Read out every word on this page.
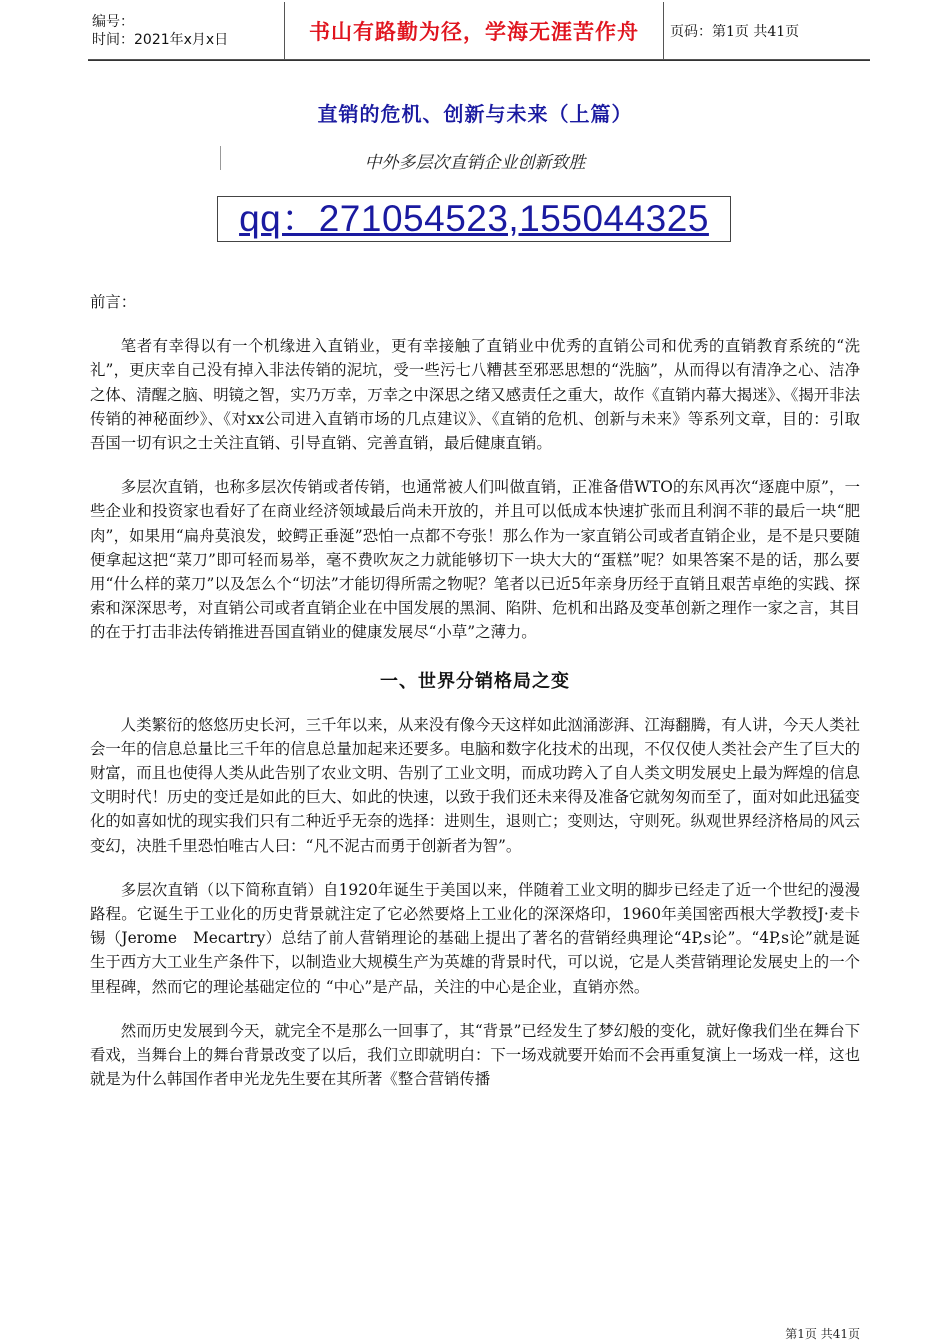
编号：
时间：2021年x月x日	书山有路勤为径，学海无涯苦作舟	页码：第1页 共41页
直销的危机、创新与未来（上篇）
中外多层次直销企业创新致胜
qq：271054523,155044325

前言：

笔者有幸得以有一个机缘进入直销业，更有幸接触了直销业中优秀的直销公司和优秀的直销教育系统的“洗礼”，更庆幸自己没有掉入非法传销的泥坑，受一些污七八糟甚至邪恶思想的“洗脑”，从而得以有清净之心、洁净之体、清醒之脑、明镜之智，实乃万幸，万幸之中深思之绪又感责任之重大，故作《直销内幕大揭迷》、《揭开非法传销的神秘面纱》、《对xx公司进入直销市场的几点建议》、《直销的危机、创新与未来》等系列文章，目的：引取吾国一切有识之士关注直销、引导直销、完善直销，最后健康直销。

多层次直销，也称多层次传销或者传销，也通常被人们叫做直销，正准备借WTO的东风再次“逐鹿中原”，一些企业和投资家也看好了在商业经济领域最后尚未开放的，并且可以低成本快速扩张而且利润不菲的最后一块“肥肉”，如果用“扁舟莫浪发，蛟鳄正垂涎”恐怕一点都不夸张！那么作为一家直销公司或者直销企业，是不是只要随便拿起这把“菜刀”即可轻而易举，毫不费吹灰之力就能够切下一块大大的“蛋糕”呢？如果答案不是的话，那么要用“什么样的菜刀”以及怎么个“切法”才能切得所需之物呢？笔者以已近5年亲身历经于直销且艰苦卓绝的实践、探索和深深思考，对直销公司或者直销企业在中国发展的黑洞、陷阱、危机和出路及变革创新之理作一家之言，其目的在于打击非法传销推进吾国直销业的健康发展尽“小草”之薄力。

一、世界分销格局之变

人类繁衍的悠悠历史长河，三千年以来，从来没有像今天这样如此汹涌澎湃、江海翻腾，有人讲，今天人类社会一年的信息总量比三千年的信息总量加起来还要多。电脑和数字化技术的出现，不仅仅使人类社会产生了巨大的财富，而且也使得人类从此告别了农业文明、告别了工业文明，而成功跨入了自人类文明发展史上最为辉煌的信息文明时代！历史的变迁是如此的巨大、如此的快速，以致于我们还未来得及准备它就匆匆而至了，面对如此迅猛变化的如喜如忧的现实我们只有二种近乎无奈的选择：进则生，退则亡；变则达，守则死。纵观世界经济格局的风云变幻，决胜千里恐怕唯古人曰：“凡不泥古而勇于创新者为智”。

多层次直销（以下简称直销）自1920年诞生于美国以来，伴随着工业文明的脚步已经走了近一个世纪的漫漫路程。它诞生于工业化的历史背景就注定了它必然要烙上工业化的深深烙印，1960年美国密西根大学教授J·麦卡锡（Jerome　Mecartry）总结了前人营销理论的基础上提出了著名的营销经典理论“4P,s论”。“4P,s论”就是诞生于西方大工业生产条件下，以制造业大规模生产为英雄的背景时代，可以说，它是人类营销理论发展史上的一个里程碑，然而它的理论基础定位的 “中心”是产品，关注的中心是企业，直销亦然。

然而历史发展到今天，就完全不是那么一回事了，其“背景”已经发生了梦幻般的变化，就好像我们坐在舞台下看戏，当舞台上的舞台背景改变了以后，我们立即就明白：下一场戏就要开始而不会再重复演上一场戏一样，这也就是为什么韩国作者申光龙先生要在其所著《整合营销传播

第1页 共41页
